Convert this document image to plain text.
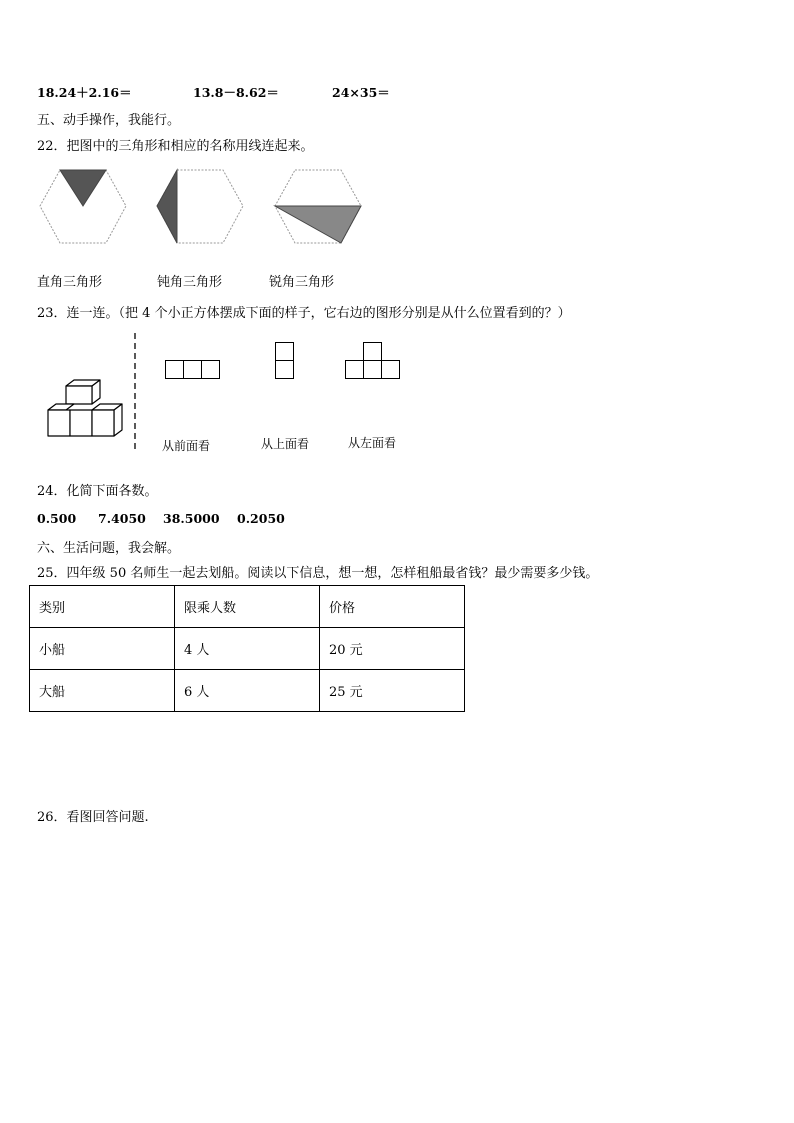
18.24＋2.16＝	13.8－8.62＝	24×35＝
五、动手操作，我能行。
22．把图中的三角形和相应的名称用线连起来。
直角三角形	钝角三角形	锐角三角形
23．连一连。（把 4 个小正方体摆成下面的样子，它右边的图形分别是从什么位置看到的？）
从前面看	从上面看	从左面看
24．化简下面各数。
0.500 7.4050 38.5000 0.2050
六、生活问题，我会解。
25．四年级 50 名师生一起去划船。阅读以下信息，想一想，怎样租船最省钱？最少需要多少钱。
类别	限乘人数	价格
小船	4 人	20 元
大船	6 人	25 元
26．看图回答问题.
